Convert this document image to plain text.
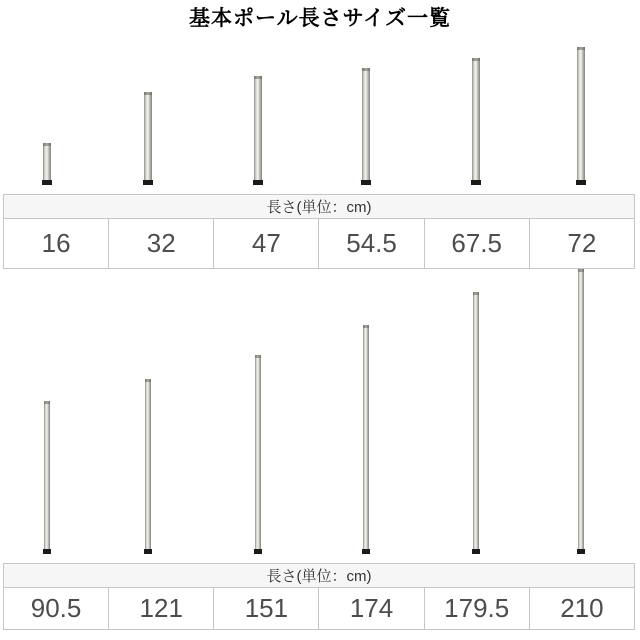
基本ポール長さサイズ一覧
長さ(単位：cm)
16	32	47	54.5	67.5	72
長さ(単位：cm)
90.5	121	151	174	179.5	210
